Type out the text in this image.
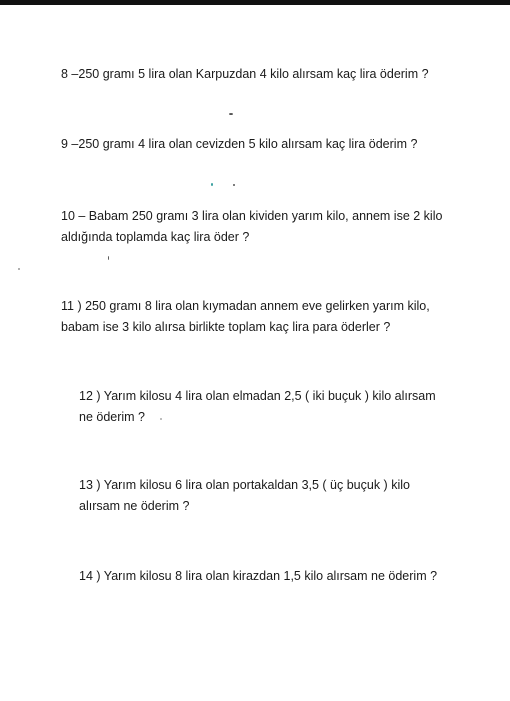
8 –250 gramı 5 lira olan Karpuzdan 4 kilo alırsam kaç lira öderim ?

9 –250 gramı 4 lira olan cevizden 5 kilo alırsam kaç lira öderim ?

10 – Babam 250 gramı 3 lira olan kividen yarım kilo, annem ise 2 kilo
aldığında toplamda kaç lira öder ?

11 ) 250 gramı 8 lira olan kıymadan annem eve gelirken yarım kilo,
babam ise 3 kilo alırsa birlikte toplam kaç lira para öderler ?

12 ) Yarım kilosu 4 lira olan elmadan 2,5 ( iki buçuk ) kilo alırsam
ne öderim ?

13 ) Yarım kilosu 6 lira olan portakaldan 3,5 ( üç buçuk ) kilo
alırsam ne öderim ?

14 ) Yarım kilosu 8 lira olan kirazdan 1,5 kilo alırsam ne öderim ?
